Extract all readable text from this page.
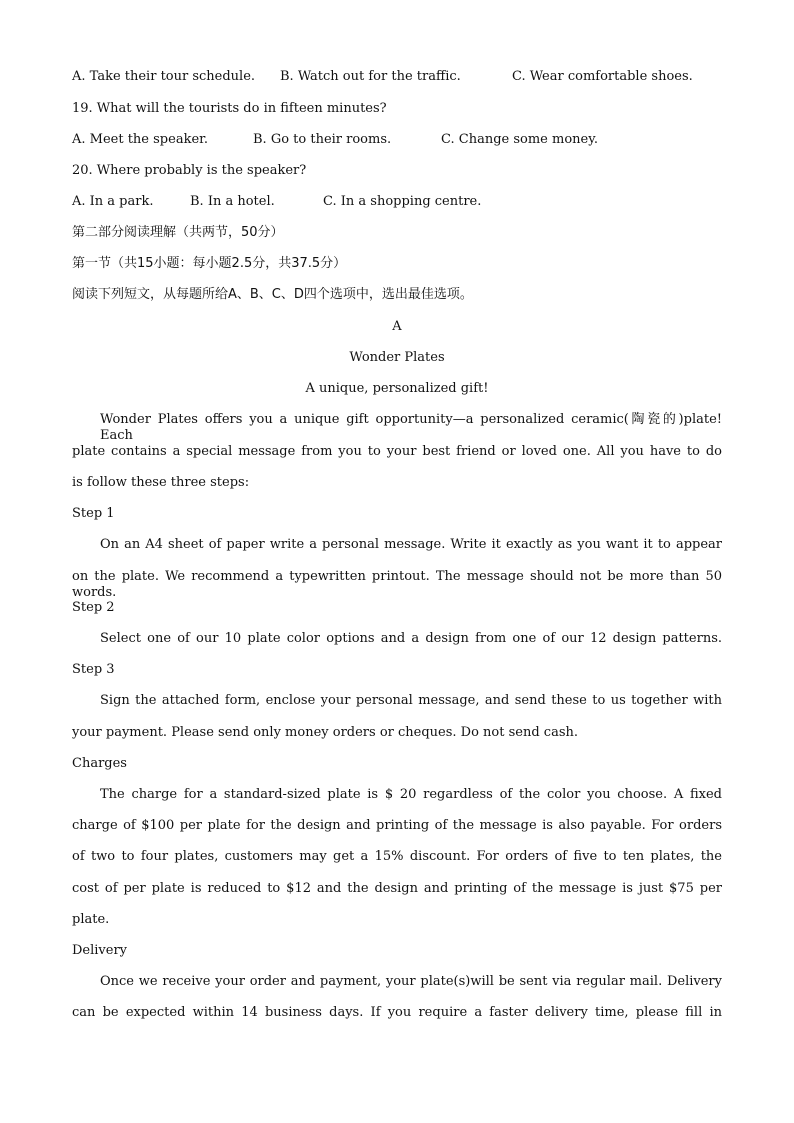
A. Take their tour schedule. B. Watch out for the traffic.	C. Wear comfortable shoes.
19. What will the tourists do in fifteen minutes?
A. Meet the speaker.	B. Go to their rooms.	C. Change some money.
20. Where probably is the speaker?
A. In a park.	B. In a hotel.	C. In a shopping centre.
第二部分阅读理解（共两节，50分）
第一节（共15小题：每小题2.5分，共37.5分）
阅读下列短文，从每题所给A、B、C、D四个选项中，选出最佳选项。
A
Wonder Plates
A unique, personalized gift!
Wonder Plates offers you a unique gift opportunity—a personalized ceramic(陶瓷的)plate! Each
plate contains a special message from you to your best friend or loved one. All you have to do
is follow these three steps:
Step 1
On an A4 sheet of paper write a personal message. Write it exactly as you want it to appear
on the plate. We recommend a typewritten printout. The message should not be more than 50 words.
Step 2
Select one of our 10 plate color options and a design from one of our 12 design patterns.
Step 3
Sign the attached form, enclose your personal message, and send these to us together with
your payment. Please send only money orders or cheques. Do not send cash.
Charges
The charge for a standard-sized plate is $ 20 regardless of the color you choose. A fixed
charge of $100 per plate for the design and printing of the message is also payable. For orders
of two to four plates, customers may get a 15% discount. For orders of five to ten plates, the
cost of per plate is reduced to $12 and the design and printing of the message is just $75 per
plate.
Delivery
Once we receive your order and payment, your plate(s)will be sent via regular mail. Delivery
can be expected within 14 business days. If you require a faster delivery time, please fill in
